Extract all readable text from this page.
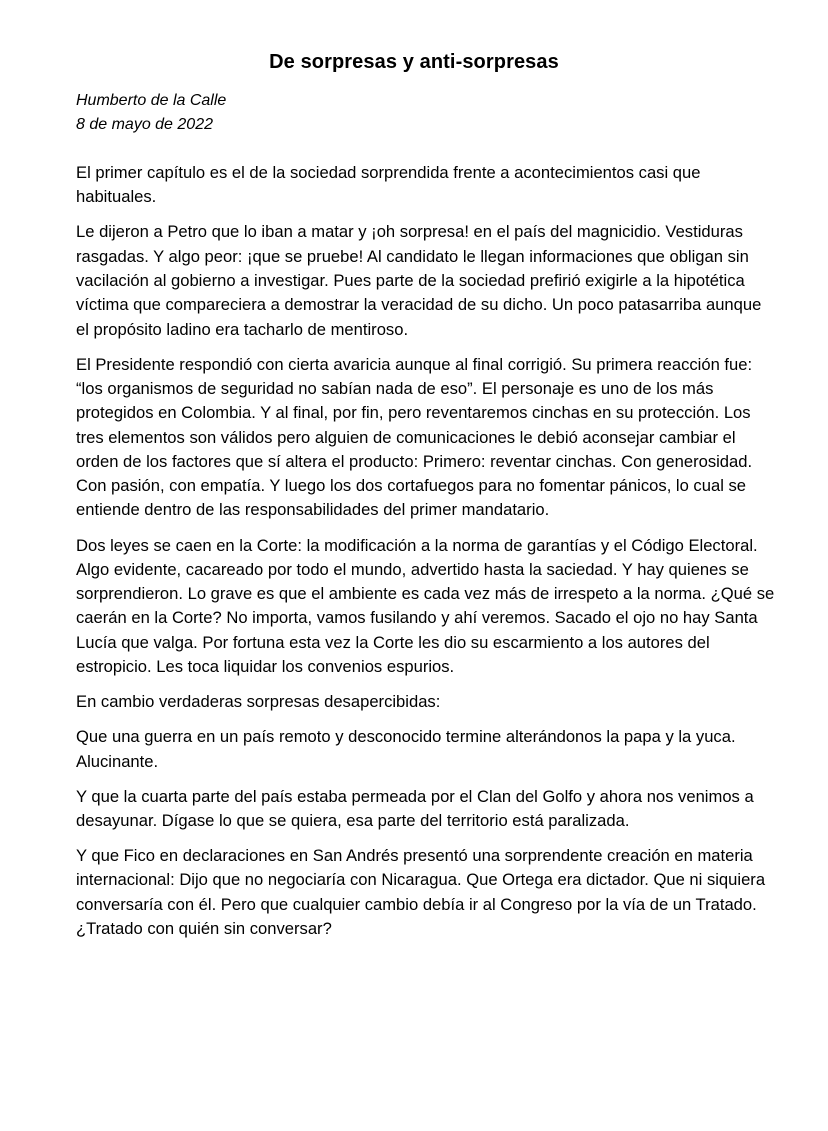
De sorpresas y anti-sorpresas
Humberto de la Calle
8 de mayo de 2022

El primer capítulo es el de la sociedad sorprendida frente a acontecimientos casi que habituales.

Le dijeron a Petro que lo iban a matar y ¡oh sorpresa! en el país del magnicidio. Vestiduras rasgadas. Y algo peor: ¡que se pruebe! Al candidato le llegan informaciones que obligan sin vacilación al gobierno a investigar. Pues parte de la sociedad prefirió exigirle a la hipotética víctima que compareciera a demostrar la veracidad de su dicho. Un poco patasarriba aunque el propósito ladino era tacharlo de mentiroso.

El Presidente respondió con cierta avaricia aunque al final corrigió. Su primera reacción fue: “los organismos de seguridad no sabían nada de eso”. El personaje es uno de los más protegidos en Colombia. Y al final, por fin, pero reventaremos cinchas en su protección. Los tres elementos son válidos pero alguien de comunicaciones le debió aconsejar cambiar el orden de los factores que sí altera el producto: Primero: reventar cinchas. Con generosidad. Con pasión, con empatía. Y luego los dos cortafuegos para no fomentar pánicos, lo cual se entiende dentro de las responsabilidades del primer mandatario.

Dos leyes se caen en la Corte: la modificación a la norma de garantías y el Código Electoral. Algo evidente, cacareado por todo el mundo, advertido hasta la saciedad. Y hay quienes se sorprendieron. Lo grave es que el ambiente es cada vez más de irrespeto a la norma. ¿Qué se caerán en la Corte? No importa, vamos fusilando y ahí veremos. Sacado el ojo no hay Santa Lucía que valga. Por fortuna esta vez la Corte les dio su escarmiento a los autores del estropicio. Les toca liquidar los convenios espurios.

En cambio verdaderas sorpresas desapercibidas:

Que una guerra en un país remoto y desconocido termine alterándonos la papa y la yuca. Alucinante.

Y que la cuarta parte del país estaba permeada por el Clan del Golfo y ahora nos venimos a desayunar. Dígase lo que se quiera, esa parte del territorio está paralizada.

Y que Fico en declaraciones en San Andrés presentó una sorprendente creación en materia internacional: Dijo que no negociaría con Nicaragua. Que Ortega era dictador. Que ni siquiera conversaría con él. Pero que cualquier cambio debía ir al Congreso por la vía de un Tratado. ¿Tratado con quién sin conversar?
